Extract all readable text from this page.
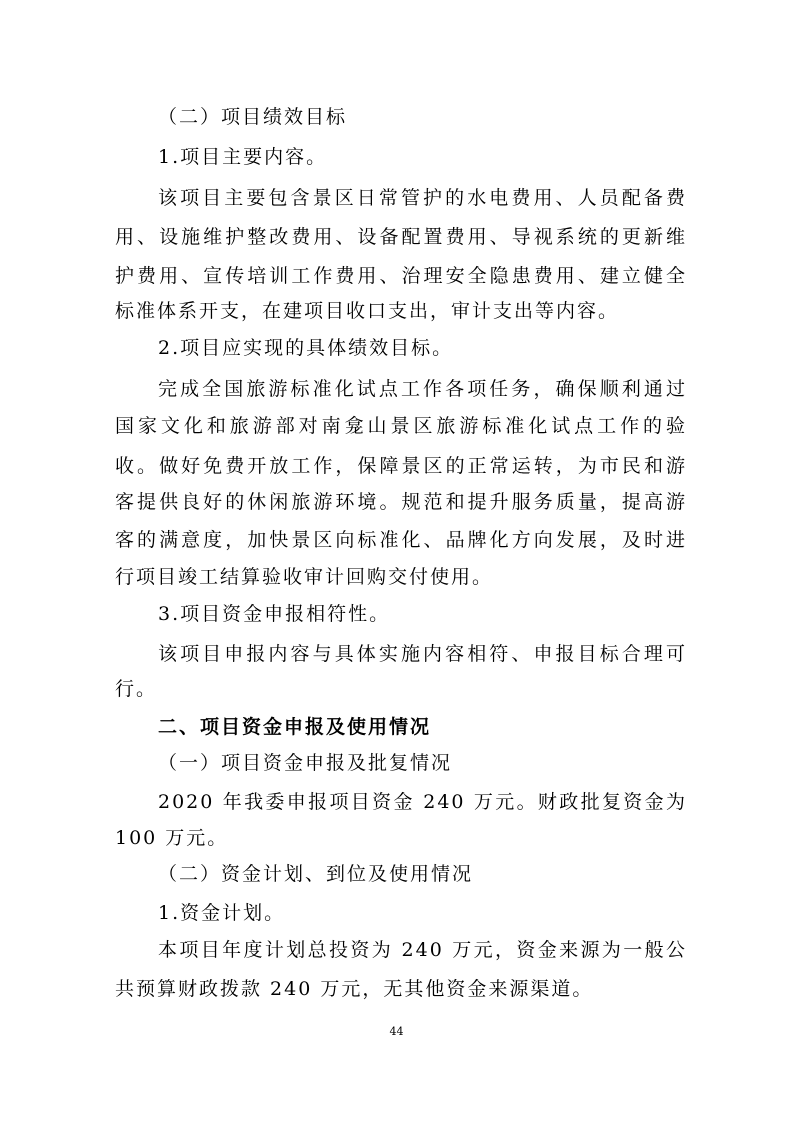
（二）项目绩效目标
1.项目主要内容。
该项目主要包含景区日常管护的水电费用、人员配备费
用、设施维护整改费用、设备配置费用、导视系统的更新维
护费用、宣传培训工作费用、治理安全隐患费用、建立健全
标准体系开支，在建项目收口支出，审计支出等内容。
2.项目应实现的具体绩效目标。
完成全国旅游标准化试点工作各项任务，确保顺利通过
国家文化和旅游部对南龛山景区旅游标准化试点工作的验
收。做好免费开放工作，保障景区的正常运转，为市民和游
客提供良好的休闲旅游环境。规范和提升服务质量，提高游
客的满意度，加快景区向标准化、品牌化方向发展，及时进
行项目竣工结算验收审计回购交付使用。
3.项目资金申报相符性。
该项目申报内容与具体实施内容相符、申报目标合理可
行。
二、项目资金申报及使用情况
（一）项目资金申报及批复情况
2020 年我委申报项目资金 240 万元。财政批复资金为
100 万元。
（二）资金计划、到位及使用情况
1.资金计划。
本项目年度计划总投资为 240 万元，资金来源为一般公
共预算财政拨款 240 万元，无其他资金来源渠道。
44
